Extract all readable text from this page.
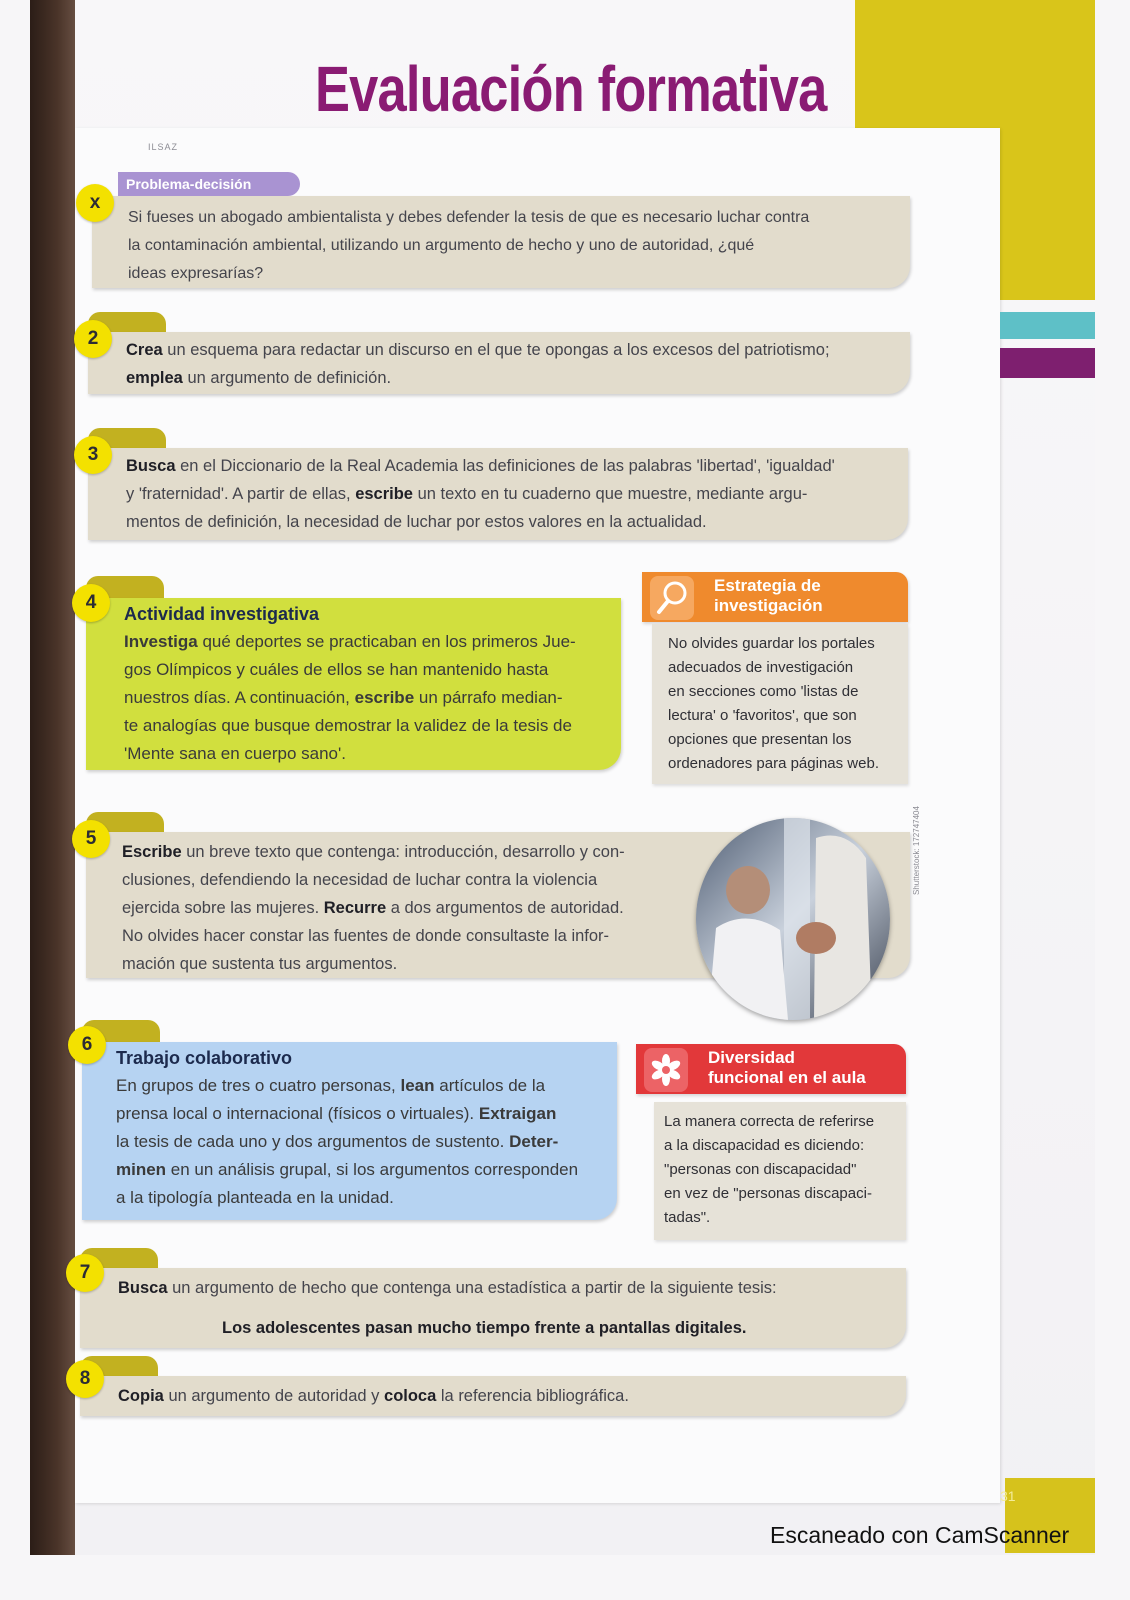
31
Evaluación formativa
ILSAZ
Si fueses un abogado ambientalista y debes defender la tesis de que es necesario luchar contra
la contaminación ambiental, utilizando un argumento de hecho y uno de autoridad, ¿qué
ideas expresarías?
Problema-decisión
x
Crea un esquema para redactar un discurso en el que te opongas a los excesos del patriotismo;
emplea un argumento de definición.
2
Busca en el Diccionario de la Real Academia las definiciones de las palabras 'libertad', 'igualdad'
y 'fraternidad'. A partir de ellas, escribe un texto en tu cuaderno que muestre, mediante argu-
mentos de definición, la necesidad de luchar por estos valores en la actualidad.
3
Actividad investigativa
Investiga qué deportes se practicaban en los primeros Jue-
gos Olímpicos y cuáles de ellos se han mantenido hasta
nuestros días. A continuación, escribe un párrafo median-
te analogías que busque demostrar la validez de la tesis de
'Mente sana en cuerpo sano'.
4
Estrategia de
investigación
No olvides guardar los portales
adecuados de investigación
en secciones como 'listas de
lectura' o 'favoritos', que son
opciones que presentan los
ordenadores para páginas web.
Escribe un breve texto que contenga: introducción, desarrollo y con-
clusiones, defendiendo la necesidad de luchar contra la violencia
ejercida sobre las mujeres. Recurre a dos argumentos de autoridad.
No olvides hacer constar las fuentes de donde consultaste la infor-
mación que sustenta tus argumentos.
5	Shutterstock: 172747404
Trabajo colaborativo
En grupos de tres o cuatro personas, lean artículos de la
prensa local o internacional (físicos o virtuales). Extraigan
la tesis de cada uno y dos argumentos de sustento. Deter-
minen en un análisis grupal, si los argumentos corresponden
a la tipología planteada en la unidad.
6
Diversidad
funcional en el aula
La manera correcta de referirse
a la discapacidad es diciendo:
"personas con discapacidad"
en vez de "personas discapaci-
tadas".
Busca un argumento de hecho que contenga una estadística a partir de la siguiente tesis:
Los adolescentes pasan mucho tiempo frente a pantallas digitales.
7
Copia un argumento de autoridad y coloca la referencia bibliográfica.
8
Escaneado con CamScanner
